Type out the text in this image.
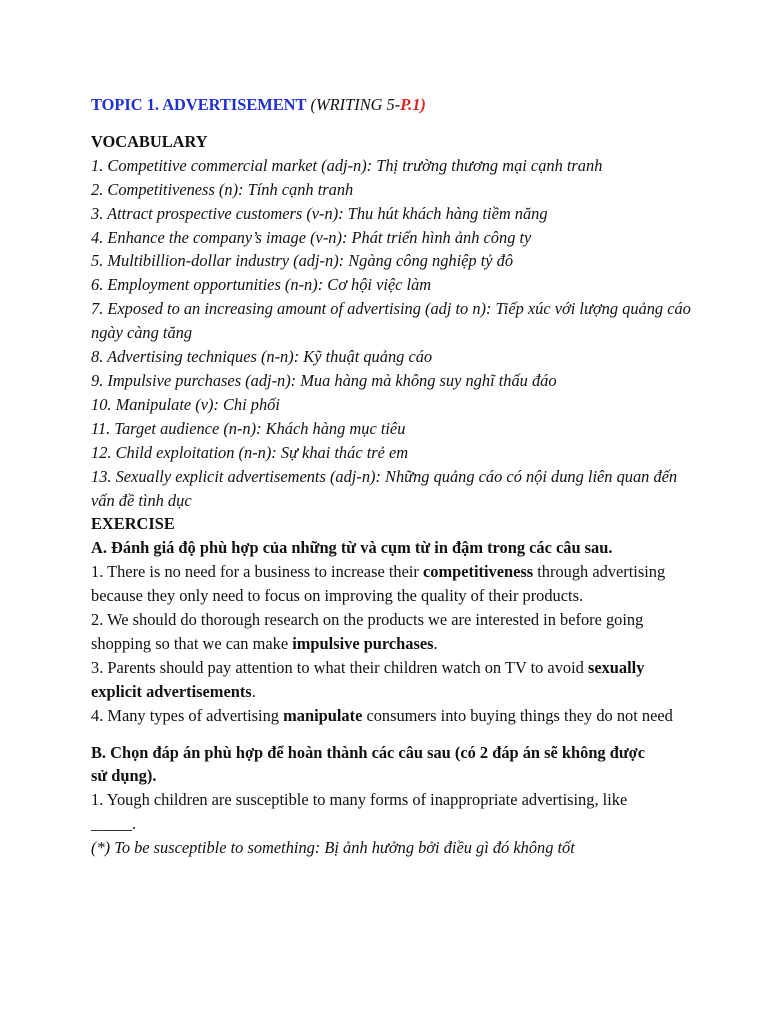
TOPIC 1. ADVERTISEMENT (WRITING 5-P.1)

VOCABULARY

1. Competitive commercial market (adj-n): Thị trường thương mại cạnh tranh

2. Competitiveness (n): Tính cạnh tranh

3. Attract prospective customers (v-n): Thu hút khách hàng tiềm năng

4. Enhance the company’s image (v-n): Phát triển hình ảnh công ty

5. Multibillion-dollar industry (adj-n): Ngàng công nghiệp tỷ đô

6. Employment opportunities (n-n): Cơ hội việc làm

7. Exposed to an increasing amount of advertising (adj to n): Tiếp xúc với lượng quảng cáo ngày càng tăng

8. Advertising techniques (n-n): Kỹ thuật quảng cáo

9. Impulsive purchases (adj-n): Mua hàng mà không suy nghĩ thấu đáo

10. Manipulate (v): Chi phối

11. Target audience (n-n): Khách hàng mục tiêu

12. Child exploitation (n-n): Sự khai thác trẻ em

13. Sexually explicit advertisements (adj-n): Những quảng cáo có nội dung liên quan đến vấn đề tình dục

EXERCISE

A. Đánh giá độ phù hợp của những từ và cụm từ in đậm trong các câu sau.

1. There is no need for a business to increase their competitiveness through advertising because they only need to focus on improving the quality of their products.

2. We should do thorough research on the products we are interested in before going shopping so that we can make impulsive purchases.

3. Parents should pay attention to what their children watch on TV to avoid sexually explicit advertisements.

4. Many types of advertising manipulate consumers into buying things they do not need

B. Chọn đáp án phù hợp để hoàn thành các câu sau (có 2 đáp án sẽ không được

sử dụng).

1. Yough children are susceptible to many forms of inappropriate advertising, like

_____.

(*) To be susceptible to something: Bị ảnh hưởng bởi điều gì đó không tốt
